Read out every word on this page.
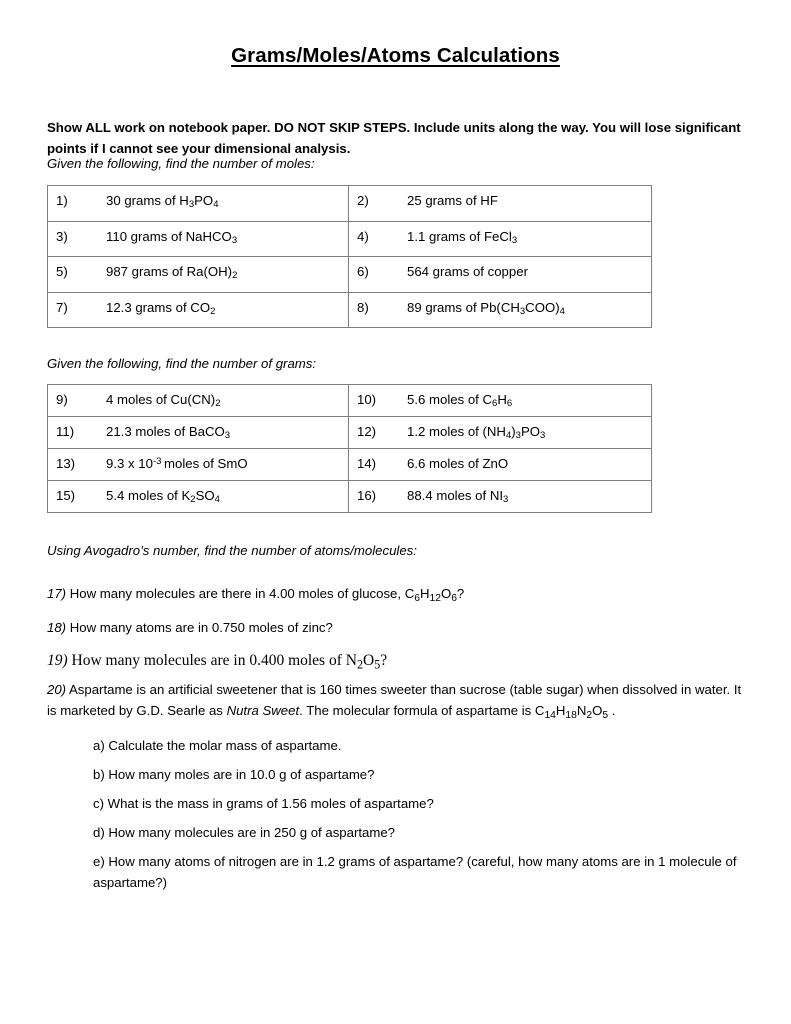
Grams/Moles/Atoms Calculations

Show ALL work on notebook paper. DO NOT SKIP STEPS. Include units along the way. You will lose significant points if I cannot see your dimensional analysis.

Given the following, find the number of moles:
1) 30 grams of $H_3PO_4$	2) 25 grams of HF

3) 110 grams of NaHCO$_3$	4) 1.1 grams of FeCl$_3$

5) 987 grams of $Ra(OH)_2$	6) 564 grams of copper

7) 12.3 grams of $CO_2$	8) 89 grams of $Pb(CH_3COO)_4$
Given the following, find the number of grams:
9) 4 moles of $Cu(CN)_2$	10) 5.6 moles of $C_6H_6$

11) 21.3 moles of BaCO$_3$	12) 1.2 moles of $(NH_4)_3PO_3$

13) 9.3 x $10^{-3}$ moles of SmO	14) 6.6 moles of ZnO

15) 5.4 moles of $K_2SO_4$	16) 88.4 moles of $NI_3$
Using Avogadro’s number, find the number of atoms/molecules:

17) How many molecules are there in 4.00 moles of glucose, $C_6H_{12}O_6$?

18) How many atoms are in 0.750 moles of zinc?

19) How many molecules are in 0.400 moles of $N_2O_5$?

20) Aspartame is an artificial sweetener that is 160 times sweeter than sucrose (table sugar) when dissolved in water. It is marketed by G.D. Searle as Nutra Sweet. The molecular formula of aspartame is $C_{14}H_{18}N_2O_5$ .

a) Calculate the molar mass of aspartame.

b) How many moles are in 10.0 g of aspartame?

c) What is the mass in grams of 1.56 moles of aspartame?

d) How many molecules are in 250 g of aspartame?

e) How many atoms of nitrogen are in 1.2 grams of aspartame? (careful, how many atoms are in 1 molecule of aspartame?)
